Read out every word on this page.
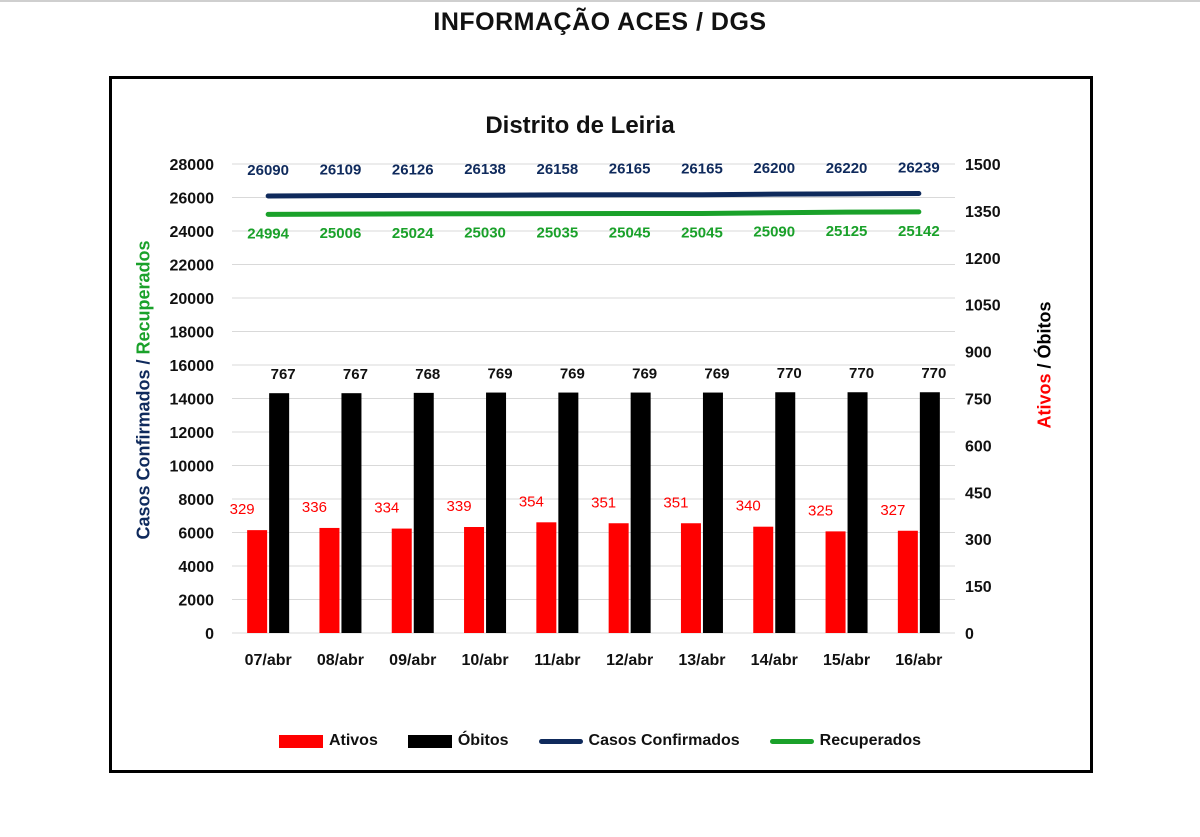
INFORMAÇÃO ACES / DGS
Distrito de Leiria
0
2000
4000
6000
8000
10000
12000
14000
16000
18000
20000
22000
24000
26000
28000
0
150
300
450
600
750
900
1050
1200
1350
1500
07/abr 08/abr 09/abr 10/abr 11/abr 12/abr 13/abr 14/abr 15/abr 16/abr
329	336	334	339	354	351	351	340	325	327
767	767	768	769	769	769	769	770	770	770
26090 26109 26126 26138 26158 26165 26165 26200 26220 26239
24994 25006 25024 25030 25035 25045 25045 25090 25125 25142
Casos Confirmados / Recuperados
Ativos / Óbitos
Ativos	Óbitos	Casos Confirmados	Recuperados
